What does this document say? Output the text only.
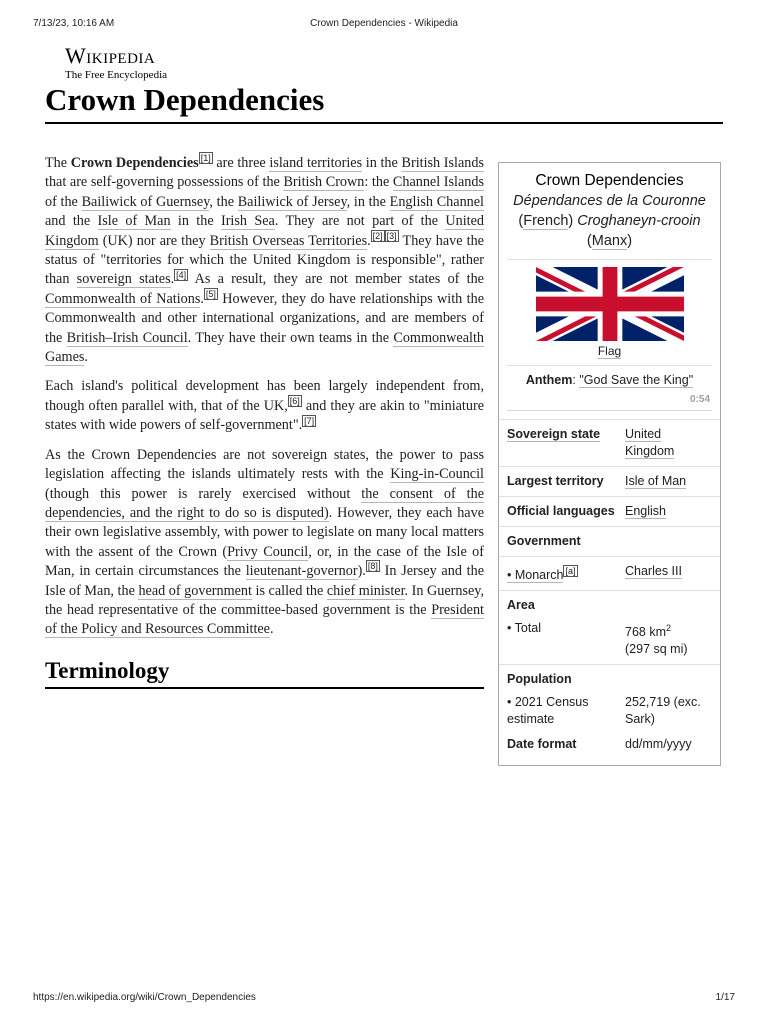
7/13/23, 10:16 AM	Crown Dependencies - Wikipedia
Wikipedia
The Free Encyclopedia
Crown Dependencies

The Crown Dependencies [1] are three island territories in the British Islands that are self-governing possessions of the British Crown: the Channel Islands of the Bailiwick of Guernsey, the Bailiwick of Jersey, in the English Channel and the Isle of Man in the Irish Sea. They are not part of the United Kingdom (UK) nor are they British Overseas Territories. [2] [3] They have the status of "territories for which the United Kingdom is responsible", rather than sovereign states. [4] As a result, they are not member states of the Commonwealth of Nations. [5] However, they do have relationships with the Commonwealth and other international organizations, and are members of the British–Irish Council. They have their own teams in the Commonwealth Games.

Each island's political development has been largely independent from, though often parallel with, that of the UK, [6] and they are akin to "miniature states with wide powers of self-government". [7]

As the Crown Dependencies are not sovereign states, the power to pass legislation affecting the islands ultimately rests with the King-in-Council (though this power is rarely exercised without the consent of the dependencies, and the right to do so is disputed). However, they each have their own legislative assembly, with power to legislate on many local matters with the assent of the Crown (Privy Council, or, in the case of the Isle of Man, in certain circumstances the lieutenant-governor). [8] In Jersey and the Isle of Man, the head of government is called the chief minister. In Guernsey, the head representative of the committee-based government is the President of the Policy and Resources Committee.

Terminology
Crown Dependencies
Dépendances de la Couronne (French) Croghaneyn-crooin (Manx)
Flag
Anthem: "God Save the King"
0:54
Sovereign state	United Kingdom
Largest territory	Isle of Man
Official languages English
Government
• Monarch [a]	Charles III
Area
• Total	768 $km^2$
(297 sq mi)
Population
• 2021 Census estimate
252,719 (exc. Sark)
Date format	dd/mm/yyyy
https://en.wikipedia.org/wiki/Crown_Dependencies	1/17
